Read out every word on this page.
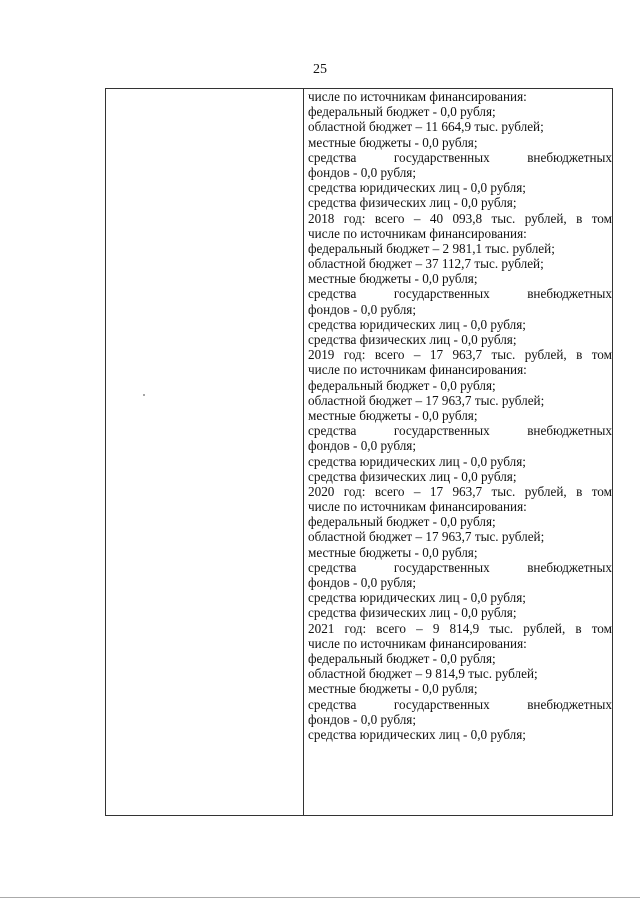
25
числе по источникам финансирования:
федеральный бюджет - 0,0 рубля;
областной бюджет – 11 664,9 тыс. рублей;
местные бюджеты - 0,0 рубля;
средства государственных внебюджетных
фондов - 0,0 рубля;
средства юридических лиц - 0,0 рубля;
средства физических лиц - 0,0 рубля;
2018 год: всего – 40 093,8 тыс. рублей, в том
числе по источникам финансирования:
федеральный бюджет – 2 981,1 тыс. рублей;
областной бюджет – 37 112,7 тыс. рублей;
местные бюджеты - 0,0 рубля;
средства государственных внебюджетных
фондов - 0,0 рубля;
средства юридических лиц - 0,0 рубля;
средства физических лиц - 0,0 рубля;
2019 год: всего – 17 963,7 тыс. рублей, в том
числе по источникам финансирования:
федеральный бюджет - 0,0 рубля;
областной бюджет – 17 963,7 тыс. рублей;
местные бюджеты - 0,0 рубля;
средства государственных внебюджетных
фондов - 0,0 рубля;
средства юридических лиц - 0,0 рубля;
средства физических лиц - 0,0 рубля;
2020 год: всего – 17 963,7 тыс. рублей, в том
числе по источникам финансирования:
федеральный бюджет - 0,0 рубля;
областной бюджет – 17 963,7 тыс. рублей;
местные бюджеты - 0,0 рубля;
средства государственных внебюджетных
фондов - 0,0 рубля;
средства юридических лиц - 0,0 рубля;
средства физических лиц - 0,0 рубля;
2021 год: всего – 9 814,9 тыс. рублей, в том
числе по источникам финансирования:
федеральный бюджет - 0,0 рубля;
областной бюджет – 9 814,9 тыс. рублей;
местные бюджеты - 0,0 рубля;
средства государственных внебюджетных
фондов - 0,0 рубля;
средства юридических лиц - 0,0 рубля;
